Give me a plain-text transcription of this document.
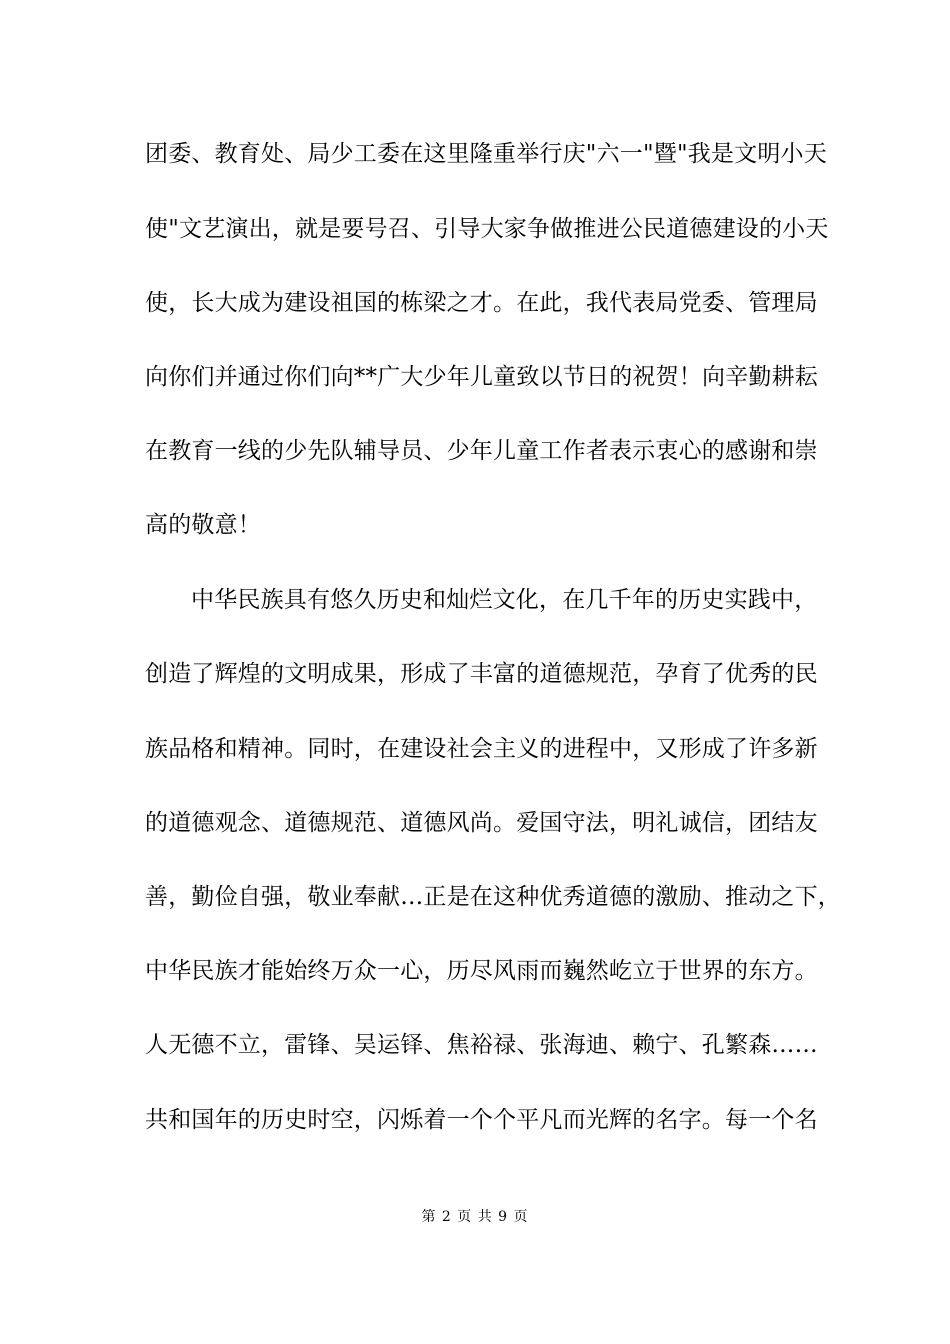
团委、教育处、局少工委在这里隆重举行庆"六一"暨"我是文明小天
使"文艺演出，就是要号召、引导大家争做推进公民道德建设的小天
使，长大成为建设祖国的栋梁之才。在此，我代表局党委、管理局
向你们并通过你们向**广大少年儿童致以节日的祝贺！向辛勤耕耘
在教育一线的少先队辅导员、少年儿童工作者表示衷心的感谢和崇
高的敬意！
中华民族具有悠久历史和灿烂文化，在几千年的历史实践中，
创造了辉煌的文明成果，形成了丰富的道德规范，孕育了优秀的民
族品格和精神。同时，在建设社会主义的进程中，又形成了许多新
的道德观念、道德规范、道德风尚。爱国守法，明礼诚信，团结友
善，勤俭自强，敬业奉献…正是在这种优秀道德的激励、推动之下，
中华民族才能始终万众一心，历尽风雨而巍然屹立于世界的东方。
人无德不立，雷锋、吴运铎、焦裕禄、张海迪、赖宁、孔繁森……
共和国年的历史时空，闪烁着一个个平凡而光辉的名字。每一个名
第 2 页 共 9 页
